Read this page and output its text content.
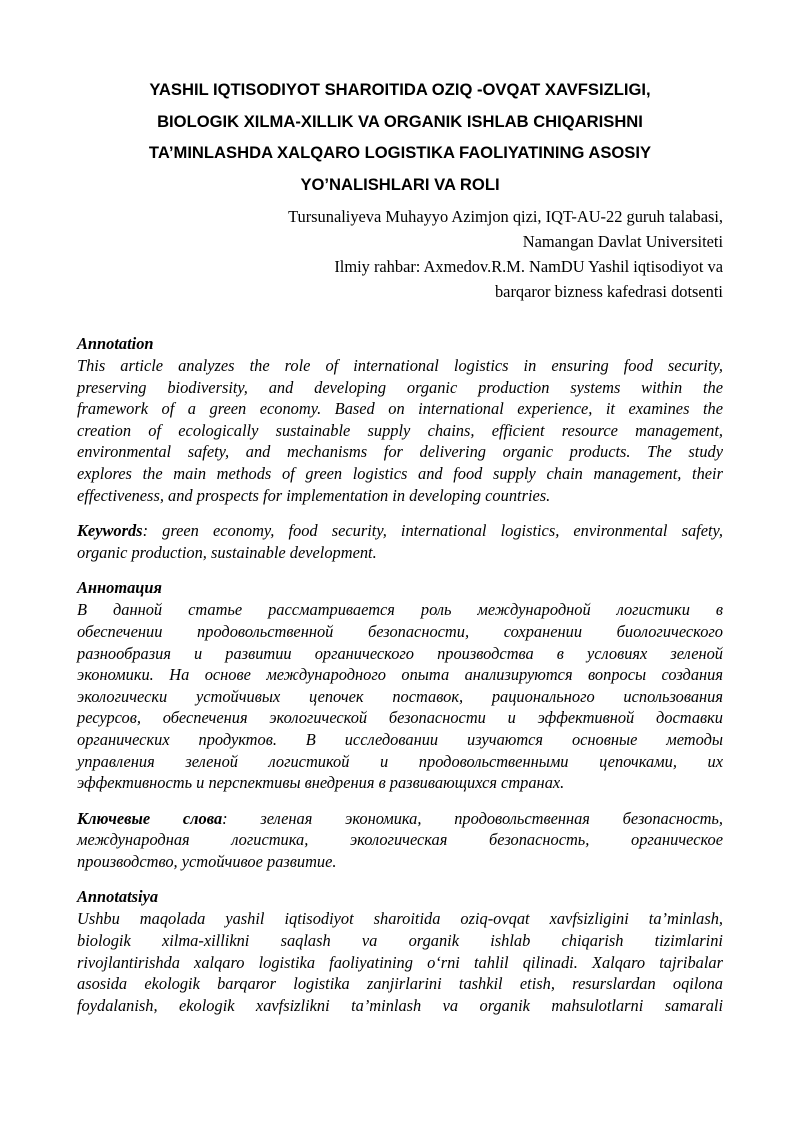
YASHIL IQTISODIYOT SHAROITIDA OZIQ -OVQAT XAVFSIZLIGI,
BIOLOGIK XILMA-XILLIK VA ORGANIK ISHLAB CHIQARISHNI
TA’MINLASHDA XALQARO LOGISTIKA FAOLIYATINING ASOSIY
YO’NALISHLARI VA ROLI
Tursunaliyeva Muhayyo Azimjon qizi, IQT-AU-22 guruh talabasi,
Namangan Davlat Universiteti
Ilmiy rahbar: Axmedov.R.M. NamDU Yashil iqtisodiyot va
barqaror bizness kafedrasi dotsenti

Annotation

This article analyzes the role of international logistics in ensuring food security,
preserving biodiversity, and developing organic production systems within the
framework of a green economy. Based on international experience, it examines the
creation of ecologically sustainable supply chains, efficient resource management,
environmental safety, and mechanisms for delivering organic products. The study
explores the main methods of green logistics and food supply chain management, their
effectiveness, and prospects for implementation in developing countries.

Keywords: green economy, food security, international logistics, environmental safety,
organic production, sustainable development.

Аннотация

В данной статье рассматривается роль международной логистики в
обеспечении продовольственной безопасности, сохранении биологического
разнообразия и развитии органического производства в условиях зеленой
экономики. На основе международного опыта анализируются вопросы создания
экологически устойчивых цепочек поставок, рационального использования
ресурсов, обеспечения экологической безопасности и эффективной доставки
органических продуктов. В исследовании изучаются основные методы
управления зеленой логистикой и продовольственными цепочками, их
эффективность и перспективы внедрения в развивающихся странах.

Ключевые слова: зеленая экономика, продовольственная безопасность,
международная логистика, экологическая безопасность, органическое
производство, устойчивое развитие.

Annotatsiya

Ushbu maqolada yashil iqtisodiyot sharoitida oziq-ovqat xavfsizligini ta’minlash,
biologik xilma-xillikni saqlash va organik ishlab chiqarish tizimlarini
rivojlantirishda xalqaro logistika faoliyatining o‘rni tahlil qilinadi. Xalqaro tajribalar
asosida ekologik barqaror logistika zanjirlarini tashkil etish, resurslardan oqilona
foydalanish, ekologik xavfsizlikni ta’minlash va organik mahsulotlarni samarali
